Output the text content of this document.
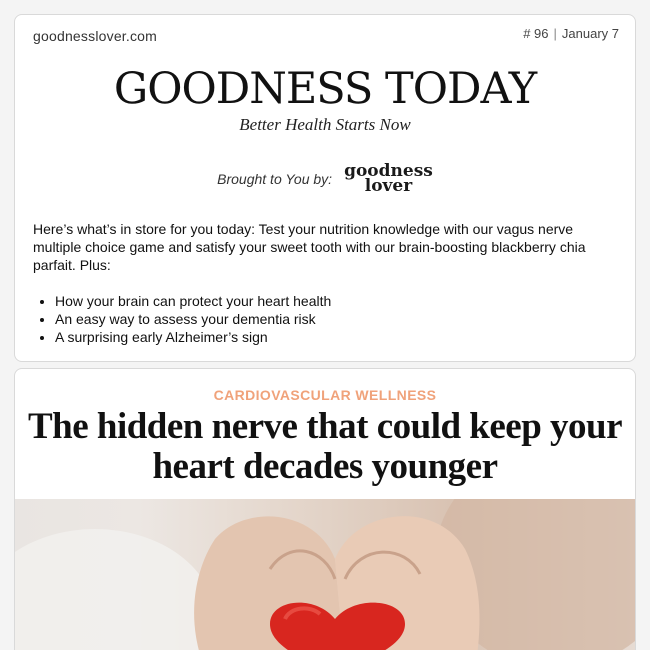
goodnesslover.com	# 96 | January 7
GOODNESS TODAY
Better Health Starts Now
Brought to You by: goodness
lover

Here’s what’s in store for you today: Test your nutrition knowledge with our vagus nerve multiple choice game and satisfy your sweet tooth with our brain-boosting blackberry chia parfait. Plus:

• How your brain can protect your heart health
• An easy way to assess your dementia risk
• A surprising early Alzheimer’s sign
CARDIOVASCULAR WELLNESS
The hidden nerve that could keep your heart decades younger
